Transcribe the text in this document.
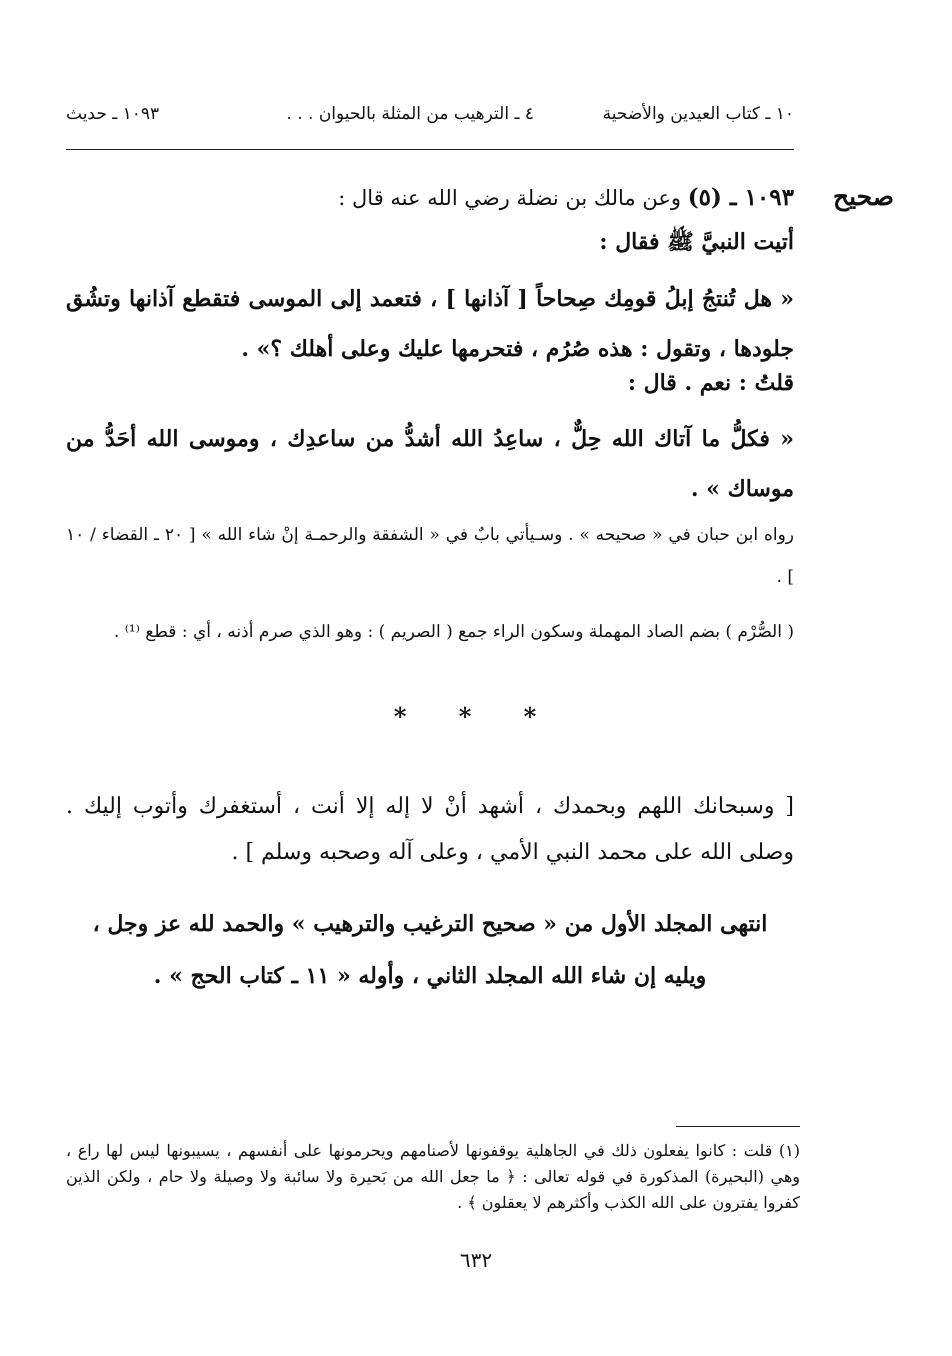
١٠ ـ كتاب العيدين والأضحية
٤ ـ الترهيب من المثلة بالحيوان . . .
١٠٩٣ ـ حديث
صحيح
١٠٩٣ ـ (٥) وعن مالك بن نضلة رضي الله عنه قال :
أتيت النبيَّ ﷺ فقال :
« هل تُنتجُ إبلُ قومِك صِحاحاً [ آذانها ] ، فتعمد إلى الموسى فتقطع آذانها وتشُق جلودها ، وتقول : هذه صُرُم ، فتحرمها عليك وعلى أهلك ؟» .
قلتُ : نعم . قال :
« فكلُّ ما آتاك الله حِلٌّ ، ساعِدُ الله أشدُّ من ساعدِك ، وموسى الله أحَدُّ من موساك » .
رواه ابن حبان في « صحيحه » . وسـيأتي بابٌ في « الشفقة والرحمـة إنْ شاء الله » [ ٢٠ ـ القضاء / ١٠ ] .
( الصُّرْم ) بضم الصاد المهملة وسكون الراء جمع ( الصريم ) : وهو الذي صرم أذنه ، أي : قطع ⁽¹⁾ .
* * *
[ وسبحانك اللهم وبحمدك ، أشهد أنْ لا إله إلا أنت ، أستغفرك وأتوب إليك . وصلى الله على محمد النبي الأمي ، وعلى آله وصحبه وسلم ] .
انتهى المجلد الأول من « صحيح الترغيب والترهيب » والحمد لله عز وجل ،
ويليه إن شاء الله المجلد الثاني ، وأوله « ١١ ـ كتاب الحج » .
(١) قلت : كانوا يفعلون ذلك في الجاهلية يوقفونها لأصنامهم ويحرمونها على أنفسهم ، يسيبونها ليس لها راع ، وهي (البحيرة) المذكورة في قوله تعالى : ﴿ ما جعل الله من بَحيرة ولا سائبة ولا وصيلة ولا حام ، ولكن الذين كفروا يفترون على الله الكذب وأكثرهم لا يعقلون ﴾ .
٦٣٢
